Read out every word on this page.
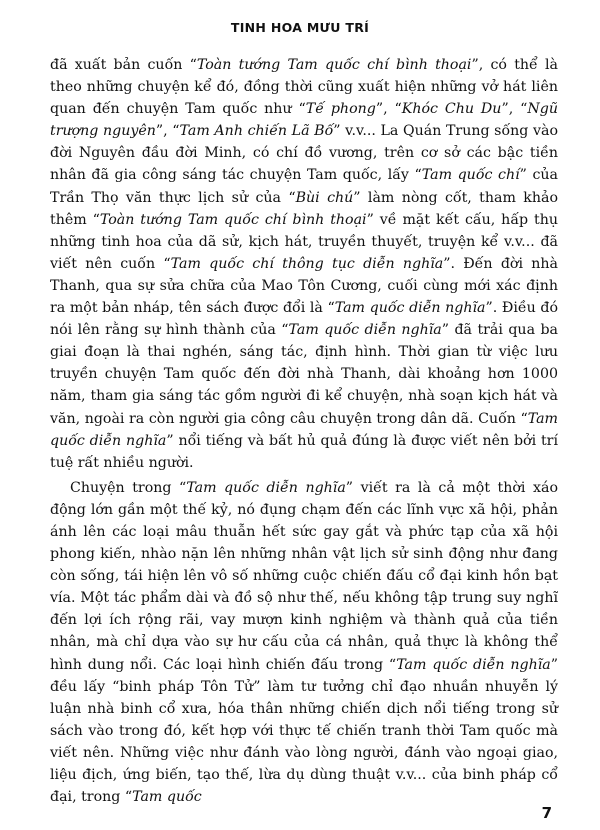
TINH HOA MƯU TRÍ

đã xuất bản cuốn “Toàn tướng Tam quốc chí bình thoại”, có thể là theo những chuyện kể đó, đồng thời cũng xuất hiện những vở hát liên quan đến chuyện Tam quốc như “Tế phong”, “Khóc Chu Du”, “Ngũ trượng nguyên”, “Tam Anh chiến Lã Bố” v.v... La Quán Trung sống vào đời Nguyên đầu đời Minh, có chí đồ vương, trên cơ sở các bậc tiền nhân đã gia công sáng tác chuyện Tam quốc, lấy “Tam quốc chí” của Trần Thọ văn thực lịch sử của “Bùi chú” làm nòng cốt, tham khảo thêm “Toàn tướng Tam quốc chí bình thoại” về mặt kết cấu, hấp thụ những tinh hoa của dã sử, kịch hát, truyền thuyết, truyện kể v.v... đã viết nên cuốn “Tam quốc chí thông tục diễn nghĩa”. Đến đời nhà Thanh, qua sự sửa chữa của Mao Tôn Cương, cuối cùng mới xác định ra một bản nháp, tên sách được đổi là “Tam quốc diễn nghĩa”. Điều đó nói lên rằng sự hình thành của “Tam quốc diễn nghĩa” đã trải qua ba giai đoạn là thai nghén, sáng tác, định hình. Thời gian từ việc lưu truyền chuyện Tam quốc đến đời nhà Thanh, dài khoảng hơn 1000 năm, tham gia sáng tác gồm người đi kể chuyện, nhà soạn kịch hát và văn, ngoài ra còn người gia công câu chuyện trong dân dã. Cuốn “Tam quốc diễn nghĩa” nổi tiếng và bất hủ quả đúng là được viết nên bởi trí tuệ rất nhiều người.

Chuyện trong “Tam quốc diễn nghĩa” viết ra là cả một thời xáo động lớn gần một thế kỷ, nó đụng chạm đến các lĩnh vực xã hội, phản ánh lên các loại mâu thuẫn hết sức gay gắt và phức tạp của xã hội phong kiến, nhào nặn lên những nhân vật lịch sử sinh động như đang còn sống, tái hiện lên vô số những cuộc chiến đấu cổ đại kinh hồn bạt vía. Một tác phẩm dài và đồ sộ như thế, nếu không tập trung suy nghĩ đến lợi ích rộng rãi, vay mượn kinh nghiệm và thành quả của tiền nhân, mà chỉ dựa vào sự hư cấu của cá nhân, quả thực là không thể hình dung nổi. Các loại hình chiến đấu trong “Tam quốc diễn nghĩa” đều lấy “binh pháp Tôn Tử” làm tư tưởng chỉ đạo nhuần nhuyễn lý luận nhà binh cổ xưa, hóa thân những chiến dịch nổi tiếng trong sử sách vào trong đó, kết hợp với thực tế chiến tranh thời Tam quốc mà viết nên. Những việc như đánh vào lòng người, đánh vào ngoại giao, liệu địch, ứng biến, tạo thế, lừa dụ dùng thuật v.v... của binh pháp cổ đại, trong “Tam quốc

7
